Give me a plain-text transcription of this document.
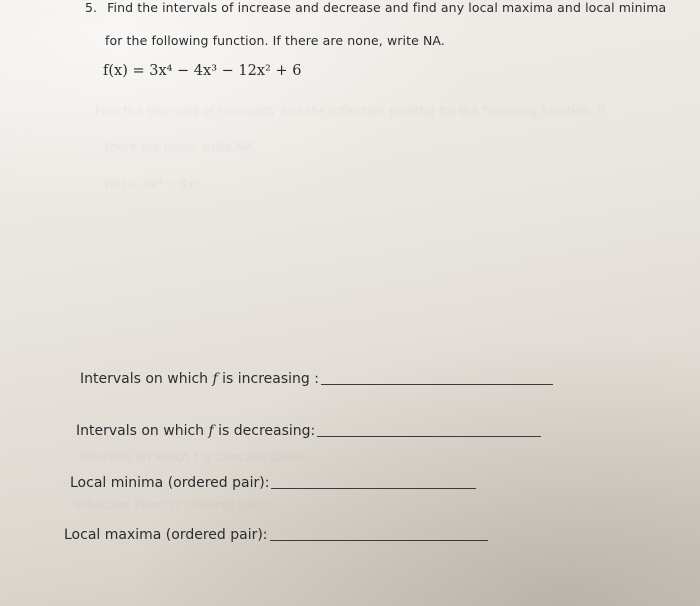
5. Find the intervals of increase and decrease and find any local maxima and local minima
for the following function. If there are none, write NA.
f(x) = 3x⁴ − 4x³ − 12x² + 6
Find the intervals of concavity and the inflection point(s) for the following function. If
there are none, write NA.
f(x) = 8x⁴ − 4x³
Intervals on which f is Concave Down:
Inflection Point(s) (ordered pair):
Intervals on which f is increasing :
Intervals on which f is decreasing:
Local minima (ordered pair):
Local maxima (ordered pair):
